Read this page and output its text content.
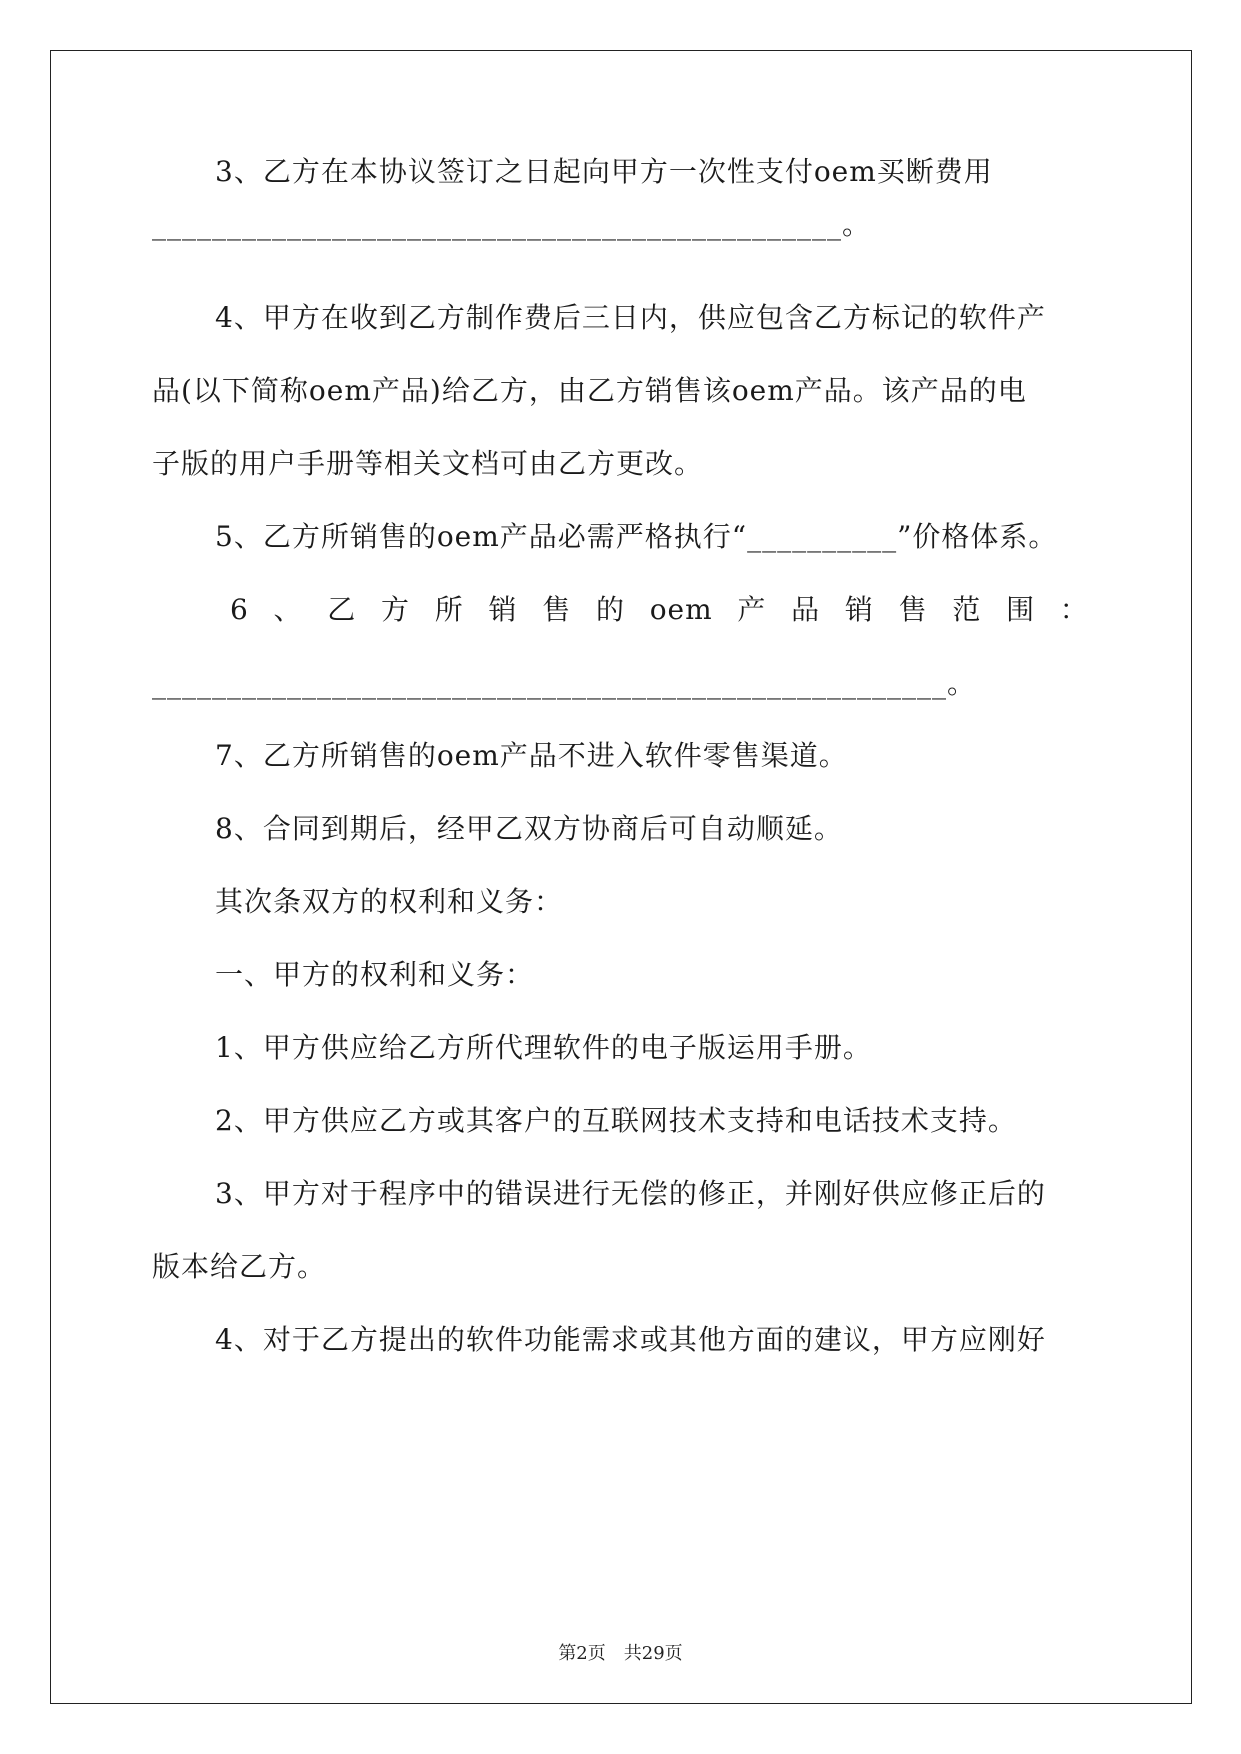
3、乙方在本协议签订之日起向甲方一次性支付oem买断费用
______________________________________________。
4、甲方在收到乙方制作费后三日内，供应包含乙方标记的软件产
品(以下简称oem产品)给乙方，由乙方销售该oem产品。该产品的电
子版的用户手册等相关文档可由乙方更改。
5、乙方所销售的oem产品必需严格执行“__________”价格体系。
6 、 乙 方 所 销 售 的 oem 产 品 销 售 范 围 ：
_____________________________________________________。
7、乙方所销售的oem产品不进入软件零售渠道。
8、合同到期后，经甲乙双方协商后可自动顺延。
其次条双方的权利和义务：
一、甲方的权利和义务：
1、甲方供应给乙方所代理软件的电子版运用手册。
2、甲方供应乙方或其客户的互联网技术支持和电话技术支持。
3、甲方对于程序中的错误进行无偿的修正，并刚好供应修正后的
版本给乙方。
4、对于乙方提出的软件功能需求或其他方面的建议，甲方应刚好
第2页　共29页
